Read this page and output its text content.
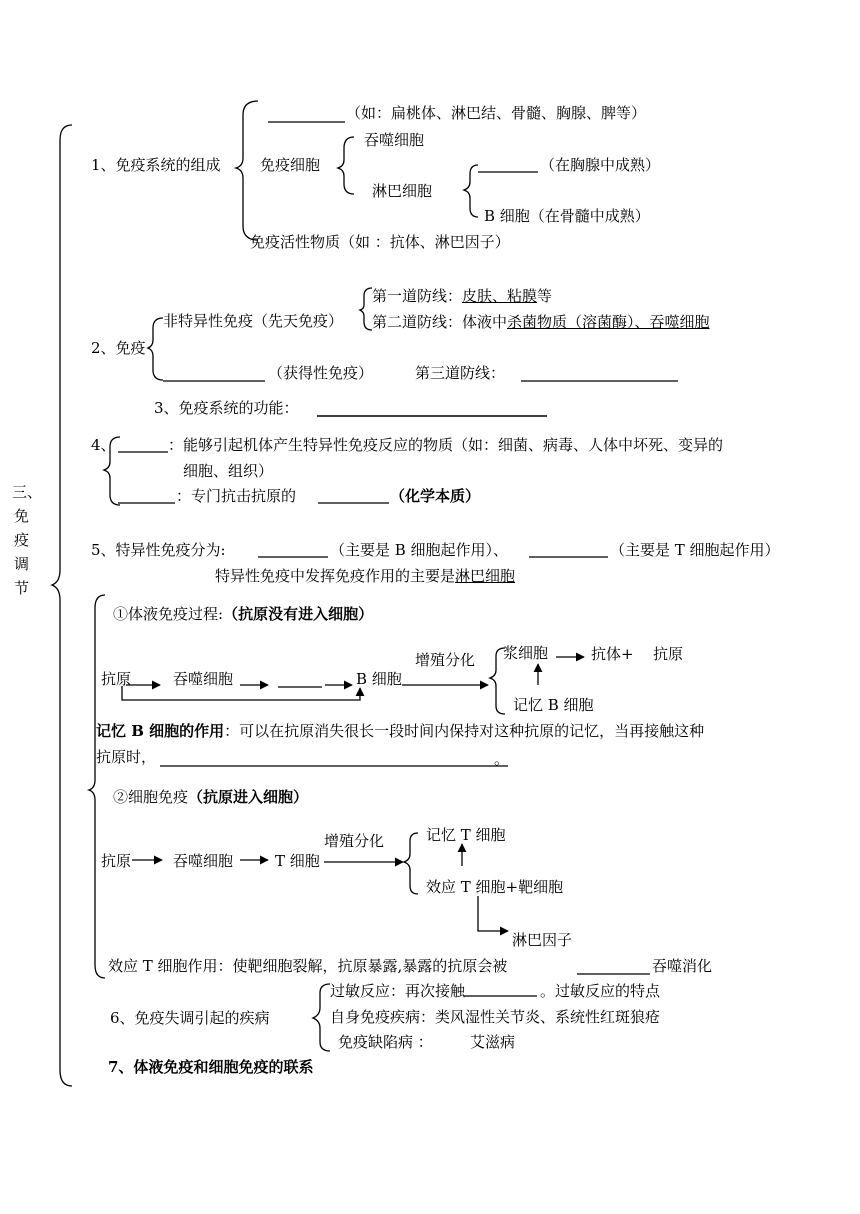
三、
免
疫
调
节
1、免疫系统的组成
（如：扁桃体、淋巴结、骨髓、胸腺、脾等）
免疫细胞
吞噬细胞
淋巴细胞
（在胸腺中成熟）
B 细胞（在骨髓中成熟）
免疫活性物质（如 ：抗体、淋巴因子）
2、免疫
非特异性免疫（先天免疫）
第一道防线：皮肤、粘膜等
第二道防线：体液中杀菌物质（溶菌酶）、吞噬细胞
（获得性免疫）	第三道防线：
3、免疫系统的功能：
4、	：能够引起机体产生特异性免疫反应的物质（如：细菌、病毒、人体中坏死、变异的
细胞、组织）
：专门抗击抗原的	（化学本质）
5、特异性免疫分为:	（主要是 B 细胞起作用）、	（主要是 T 细胞起作用）
特异性免疫中发挥免疫作用的主要是淋巴细胞
①体液免疫过程:（抗原没有进入细胞）
抗原	吞噬细胞	B 细胞
增殖分化 浆细胞	抗体+ 抗原
记忆 B 细胞
记忆 B 细胞的作用：可以在抗原消失很长一段时间内保持对这种抗原的记忆，当再接触这种
抗原时，	。
②细胞免疫（抗原进入细胞）
抗原	吞噬细胞	T 细胞
增殖分化	记忆 T 细胞
效应 T 细胞+靶细胞
淋巴因子
效应 T 细胞作用：使靶细胞裂解，抗原暴露,暴露的抗原会被	吞噬消化
6、免疫失调引起的疾病
过敏反应：再次接触	。过敏反应的特点
自身免疫疾病：类风湿性关节炎、系统性红斑狼疮
免疫缺陷病 ： 艾滋病
7、体液免疫和细胞免疫的联系
